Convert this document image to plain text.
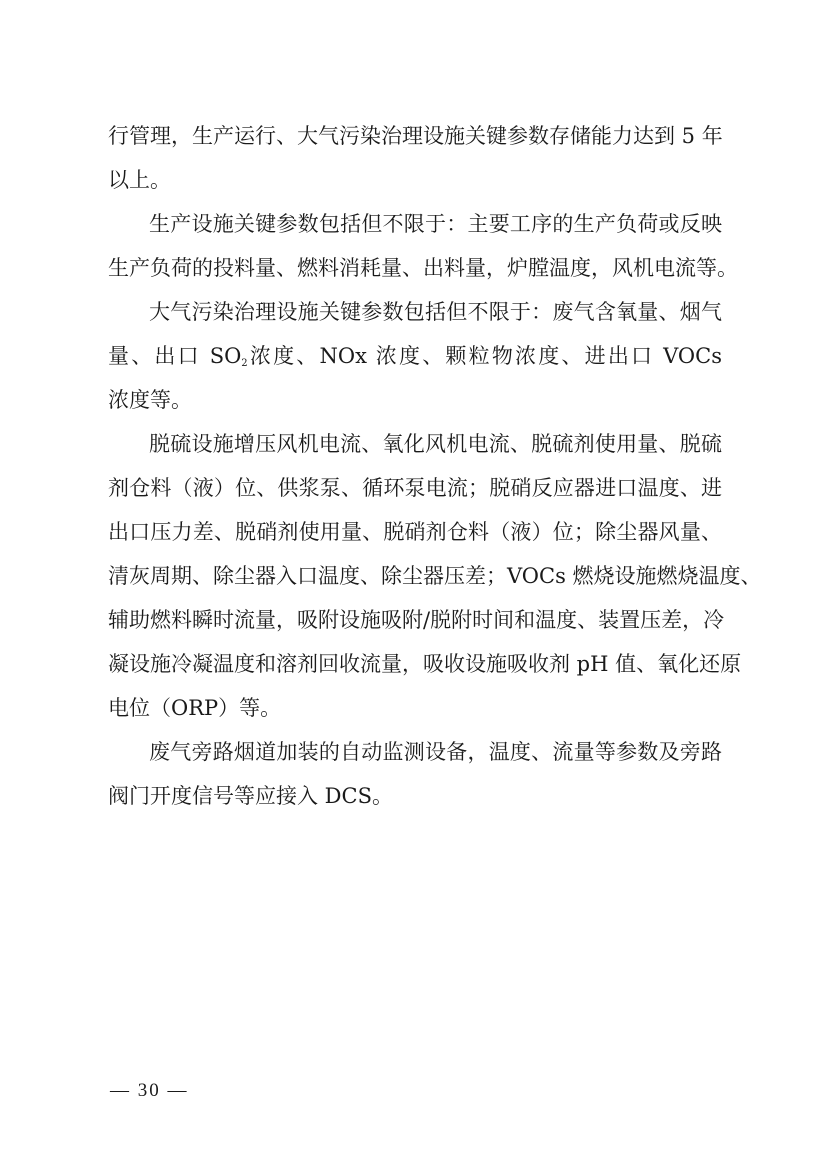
行管理，生产运行、大气污染治理设施关键参数存储能力达到 5 年
以上。
生产设施关键参数包括但不限于：主要工序的生产负荷或反映
生产负荷的投料量、燃料消耗量、出料量，炉膛温度，风机电流等。
大气污染治理设施关键参数包括但不限于：废气含氧量、烟气
量、出口 $SO_2$浓度、NOx 浓度、颗粒物浓度、进出口 VOCs
浓度等。
脱硫设施增压风机电流、氧化风机电流、脱硫剂使用量、脱硫
剂仓料（液）位、供浆泵、循环泵电流；脱硝反应器进口温度、进
出口压力差、脱硝剂使用量、脱硝剂仓料（液）位；除尘器风量、
清灰周期、除尘器入口温度、除尘器压差；VOCs 燃烧设施燃烧温度、
辅助燃料瞬时流量，吸附设施吸附/脱附时间和温度、装置压差，冷
凝设施冷凝温度和溶剂回收流量，吸收设施吸收剂 pH 值、氧化还原
电位（ORP）等。
废气旁路烟道加装的自动监测设备，温度、流量等参数及旁路
阀门开度信号等应接入 DCS。
— 30 —
